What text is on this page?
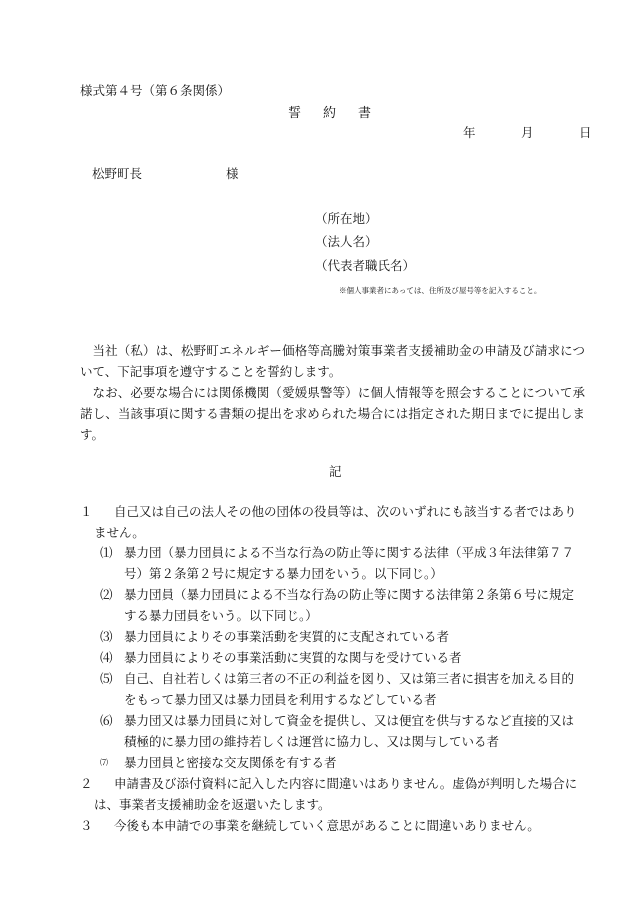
様式第４号（第６条関係）
誓約書
年	月	日
松野町長	様
（所在地）
（法人名）
（代表者職氏名）
※個人事業者にあっては、住所及び屋号等を記入すること。

当社（私）は、松野町エネルギー価格等高騰対策事業者支援補助金の申請及び請求について、下記事項を遵守することを誓約します。

なお、必要な場合には関係機関（愛媛県警等）に個人情報等を照会することについて承諾し、当該事項に関する書類の提出を求められた場合には指定された期日までに提出します。

記
１	自己又は自己の法人その他の団体の役員等は、次のいずれにも該当する者ではありません。
⑴ 暴力団（暴力団員による不当な行為の防止等に関する法律（平成３年法律第７７号）第２条第２号に規定する暴力団をいう。以下同じ。）
⑵ 暴力団員（暴力団員による不当な行為の防止等に関する法律第２条第６号に規定する暴力団員をいう。以下同じ。）
⑶ 暴力団員によりその事業活動を実質的に支配されている者
⑷ 暴力団員によりその事業活動に実質的な関与を受けている者
⑸ 自己、自社若しくは第三者の不正の利益を図り、又は第三者に損害を加える目的をもって暴力団又は暴力団員を利用するなどしている者
⑹ 暴力団又は暴力団員に対して資金を提供し、又は便宜を供与するなど直接的又は積極的に暴力団の維持若しくは運営に協力し、又は関与している者
⑺	暴力団員と密接な交友関係を有する者
２	申請書及び添付資料に記入した内容に間違いはありません。虚偽が判明した場合には、事業者支援補助金を返還いたします。
３	今後も本申請での事業を継続していく意思があることに間違いありません。
